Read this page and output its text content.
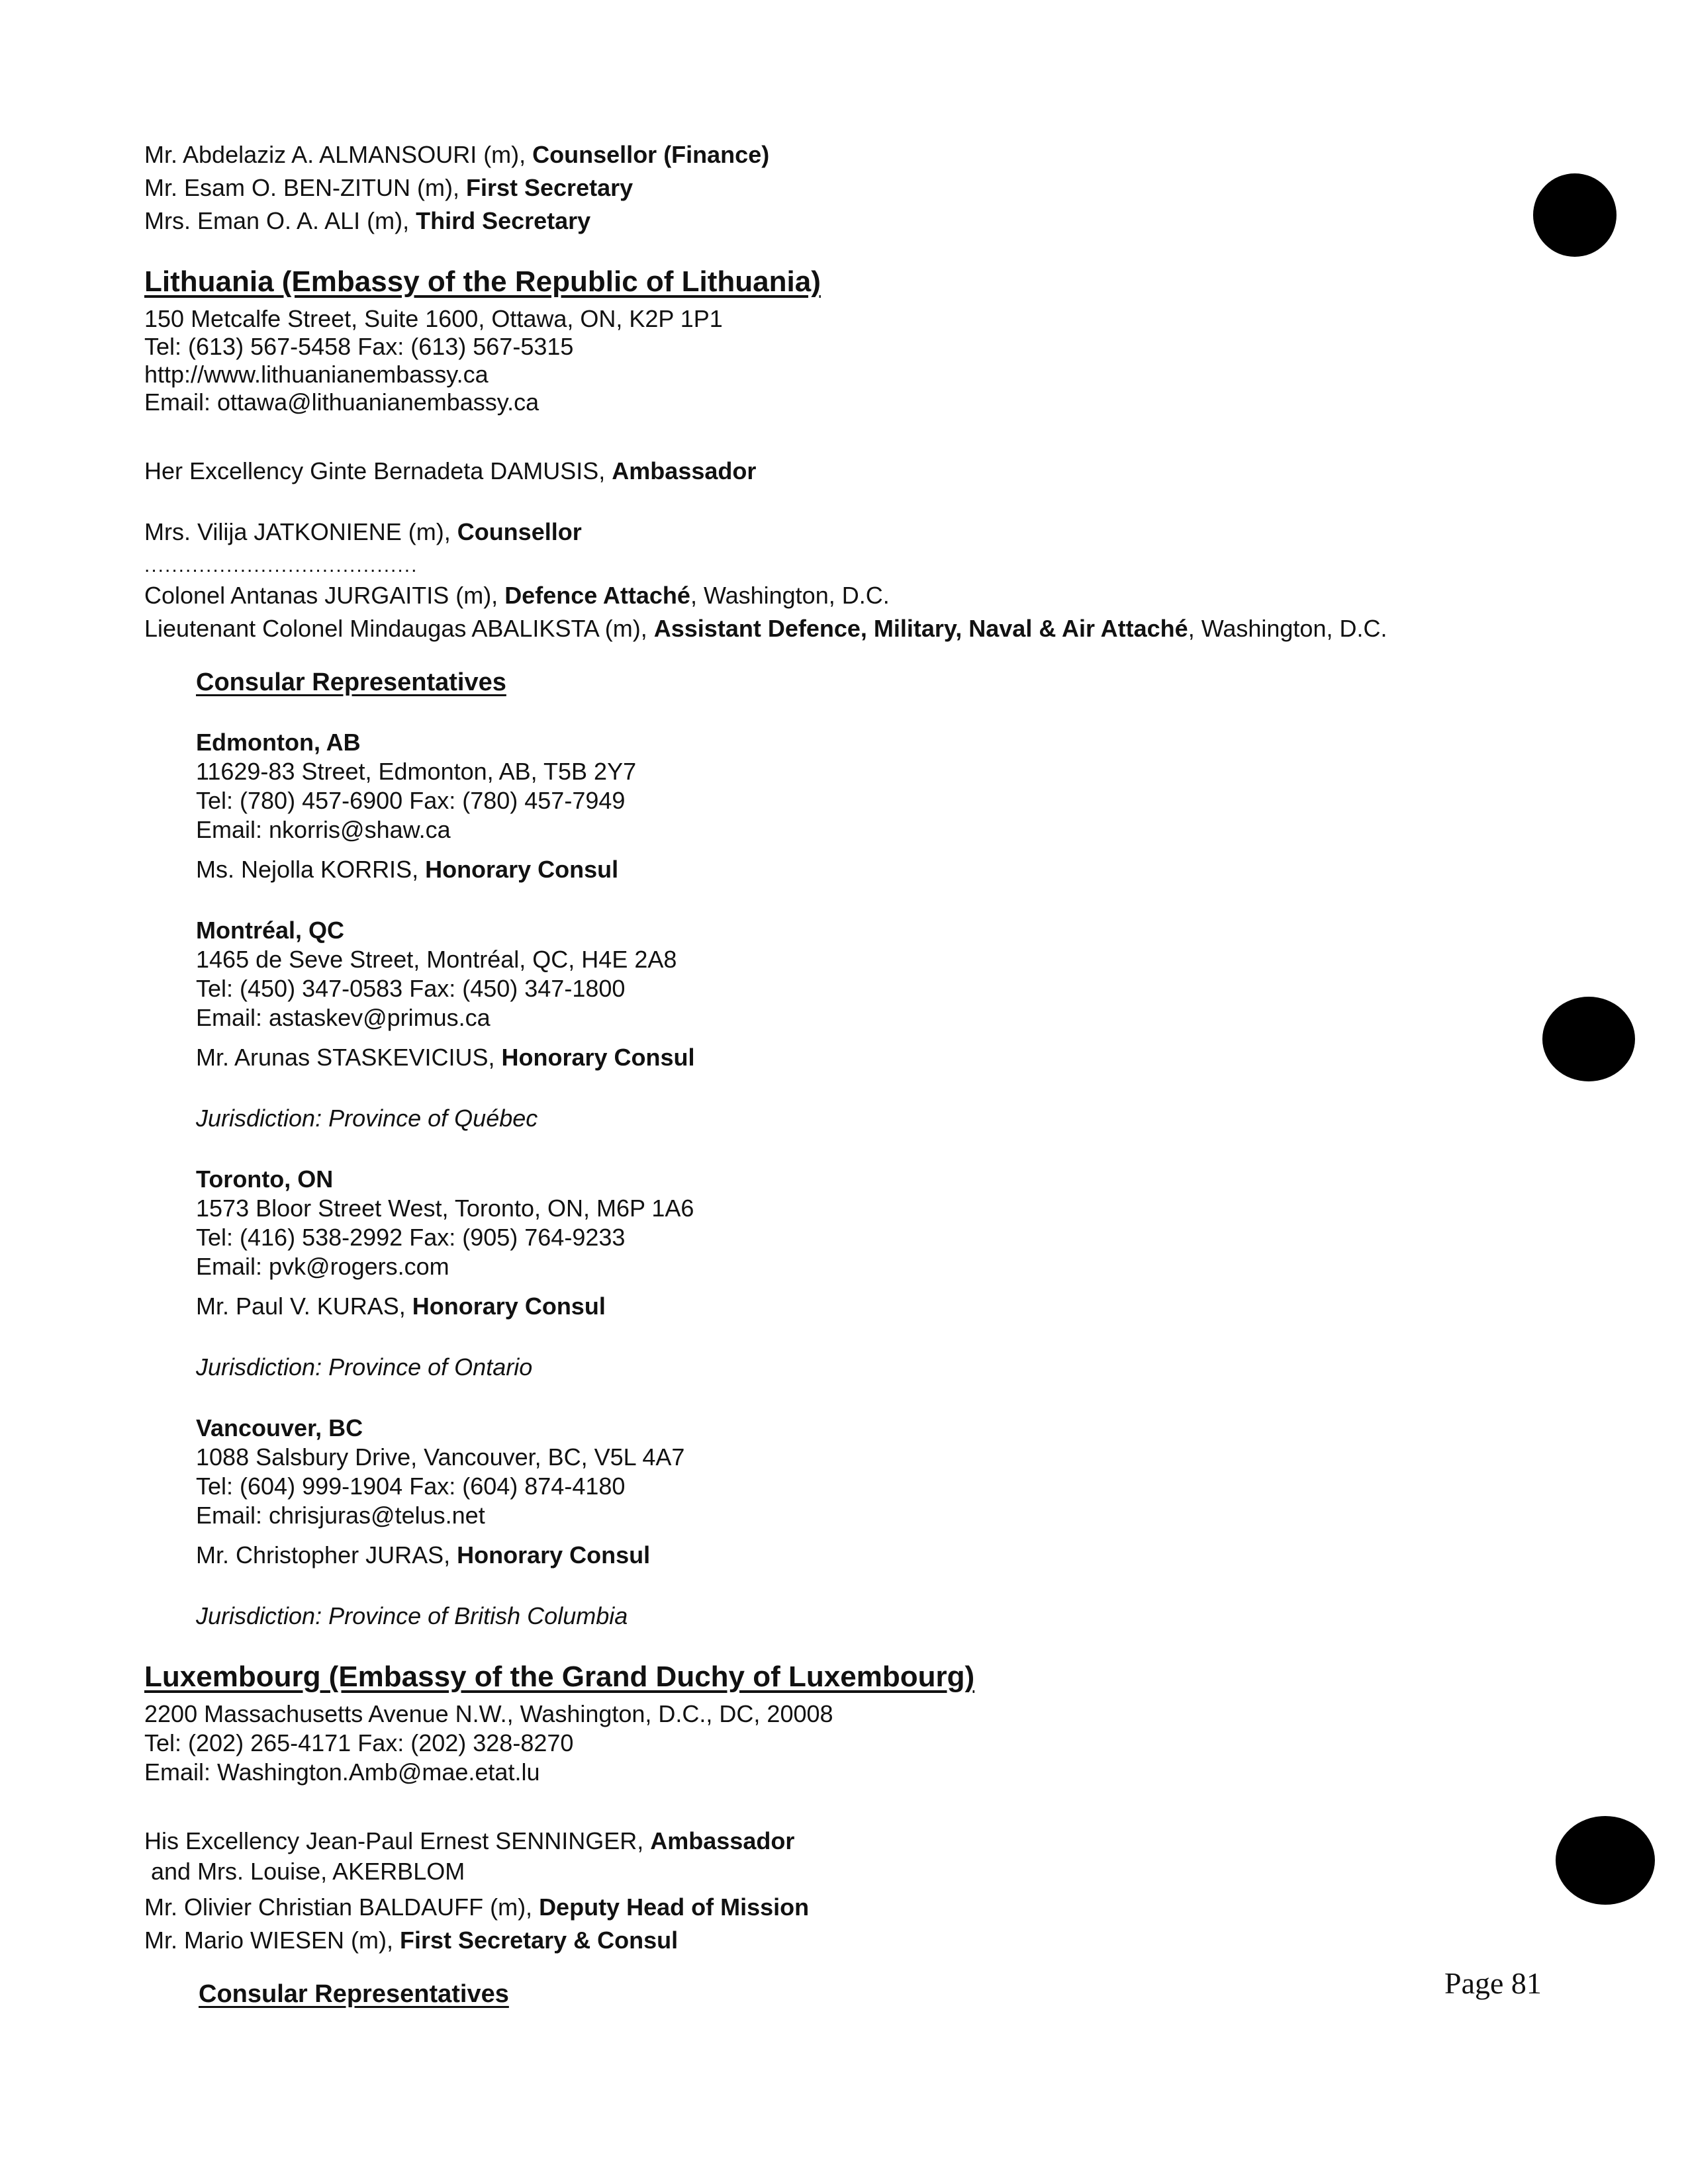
Mr. Abdelaziz A. ALMANSOURI (m), Counsellor (Finance)
Mr. Esam O. BEN-ZITUN (m), First Secretary
Mrs. Eman O. A. ALI (m), Third Secretary
Lithuania (Embassy of the Republic of Lithuania)
150 Metcalfe Street, Suite 1600, Ottawa, ON, K2P 1P1
Tel: (613) 567-5458 Fax: (613) 567-5315
http://www.lithuanianembassy.ca
Email: ottawa@lithuanianembassy.ca
Her Excellency Ginte Bernadeta DAMUSIS, Ambassador
Mrs. Vilija JATKONIENE (m), Counsellor
........................................
Colonel Antanas JURGAITIS (m), Defence Attaché, Washington, D.C.
Lieutenant Colonel Mindaugas ABALIKSTA (m), Assistant Defence, Military, Naval & Air Attaché, Washington, D.C.
Consular Representatives
Edmonton, AB
11629-83 Street, Edmonton, AB, T5B 2Y7
Tel: (780) 457-6900 Fax: (780) 457-7949
Email: nkorris@shaw.ca
Ms. Nejolla KORRIS, Honorary Consul
Montréal, QC
1465 de Seve Street, Montréal, QC, H4E 2A8
Tel: (450) 347-0583 Fax: (450) 347-1800
Email: astaskev@primus.ca
Mr. Arunas STASKEVICIUS, Honorary Consul
Jurisdiction: Province of Québec
Toronto, ON
1573 Bloor Street West, Toronto, ON, M6P 1A6
Tel: (416) 538-2992 Fax: (905) 764-9233
Email: pvk@rogers.com
Mr. Paul V. KURAS, Honorary Consul
Jurisdiction: Province of Ontario
Vancouver, BC
1088 Salsbury Drive, Vancouver, BC, V5L 4A7
Tel: (604) 999-1904 Fax: (604) 874-4180
Email: chrisjuras@telus.net
Mr. Christopher JURAS, Honorary Consul
Jurisdiction: Province of British Columbia
Luxembourg (Embassy of the Grand Duchy of Luxembourg)
2200 Massachusetts Avenue N.W., Washington, D.C., DC, 20008
Tel: (202) 265-4171 Fax: (202) 328-8270
Email: Washington.Amb@mae.etat.lu
His Excellency Jean-Paul Ernest SENNINGER, Ambassador
and Mrs. Louise, AKERBLOM
Mr. Olivier Christian BALDAUFF (m), Deputy Head of Mission
Mr. Mario WIESEN (m), First Secretary & Consul
Consular Representatives	Page 81
